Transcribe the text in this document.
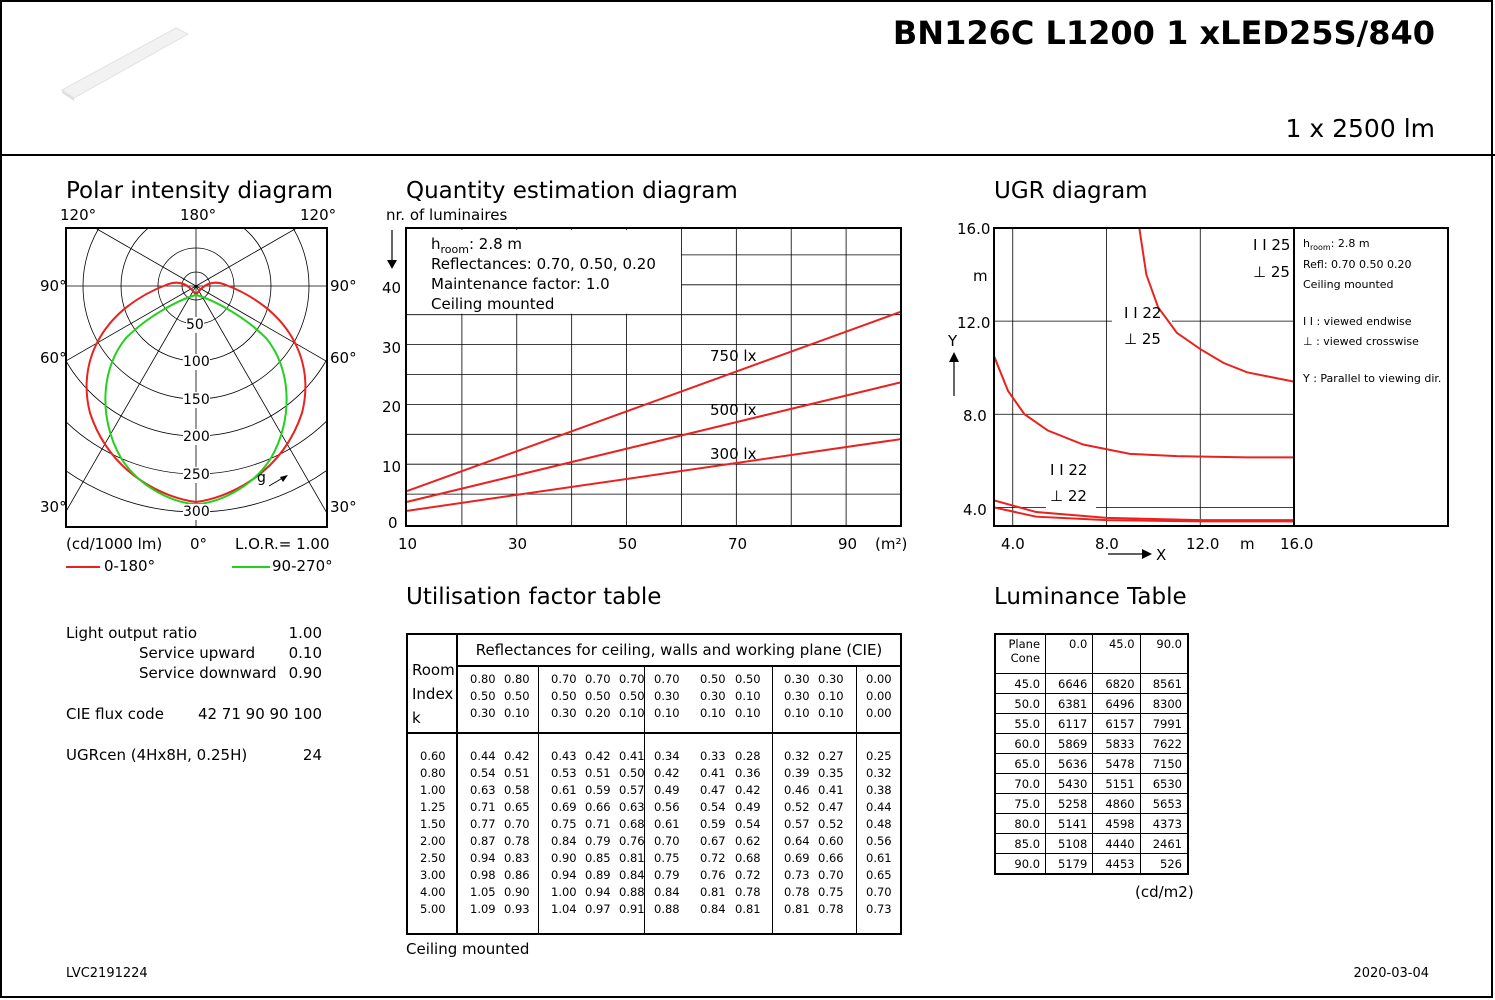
BN126C L1200 1 xLED25S/840
1 x 2500 lm
Polar intensity diagram
120°	180°	120°
90°	90°
60°	60°
30°	30°
50
100
150
200
250
300
g
(cd/1000 lm) 0° L.O.R.= 1.00
0-180°	90-270°
Light output ratio	1.00
Service upward 0.10
Service downward 0.90
CIE flux code 42 71 90 90 100
UGRcen (4Hx8H, 0.25H)	24
Quantity estimation diagram
nr. of luminaires
40
30
20
10
0
10	30	50	70	90 (m²)
$h_{room}$: 2.8 m
Reflectances: 0.70, 0.50, 0.20
Maintenance factor: 1.0
Ceiling mounted
750 lx
500 lx
300 lx
UGR diagram
16.0
m
12.0
8.0
4.0
Y
4.0	8.0	12.0 m 16.0
X
I I 25
⊥ 25
I I 22
⊥ 25
I I 22
⊥ 22
$h_{room}$: 2.8 m
Refl: 0.70 0.50 0.20
Ceiling mounted
I I : viewed endwise
⊥ : viewed crosswise
Y : Parallel to viewing dir.
Utilisation factor table
Reflectances for ceiling, walls and working plane (CIE)
Room
Index
k
0.80 0.80 0.70 0.70 0.70 0.70 0.50 0.50 0.30 0.30 0.00
0.50 0.50 0.50 0.50 0.50 0.30 0.30 0.10 0.30 0.10 0.00
0.30 0.10 0.30 0.20 0.10 0.10 0.10 0.10 0.10 0.10 0.00
0.60 0.44 0.42 0.43 0.42 0.41 0.34 0.33 0.28 0.32 0.27 0.25
0.80 0.54 0.51 0.53 0.51 0.50 0.42 0.41 0.36 0.39 0.35 0.32
1.00 0.63 0.58 0.61 0.59 0.57 0.49 0.47 0.42 0.46 0.41 0.38
1.25 0.71 0.65 0.69 0.66 0.63 0.56 0.54 0.49 0.52 0.47 0.44
1.50 0.77 0.70 0.75 0.71 0.68 0.61 0.59 0.54 0.57 0.52 0.48
2.00 0.87 0.78 0.84 0.79 0.76 0.70 0.67 0.62 0.64 0.60 0.56
2.50 0.94 0.83 0.90 0.85 0.81 0.75 0.72 0.68 0.69 0.66 0.61
3.00 0.98 0.86 0.94 0.89 0.84 0.79 0.76 0.72 0.73 0.70 0.65
4.00 1.05 0.90 1.00 0.94 0.88 0.84 0.81 0.78 0.78 0.75 0.70
5.00 1.09 0.93 1.04 0.97 0.91 0.88 0.84 0.81 0.81 0.78 0.73
Ceiling mounted
Luminance Table
Plane
Cone	0.0	45.0	90.0
45.0	6646	6820	8561
50.0	6381	6496	8300
55.0	6117	6157	7991
60.0	5869	5833	7622
65.0	5636	5478	7150
70.0	5430	5151	6530
75.0	5258	4860	5653
80.0	5141	4598	4373
85.0	5108	4440	2461
90.0	5179	4453	526
(cd/m2)
LVC2191224	2020-03-04
